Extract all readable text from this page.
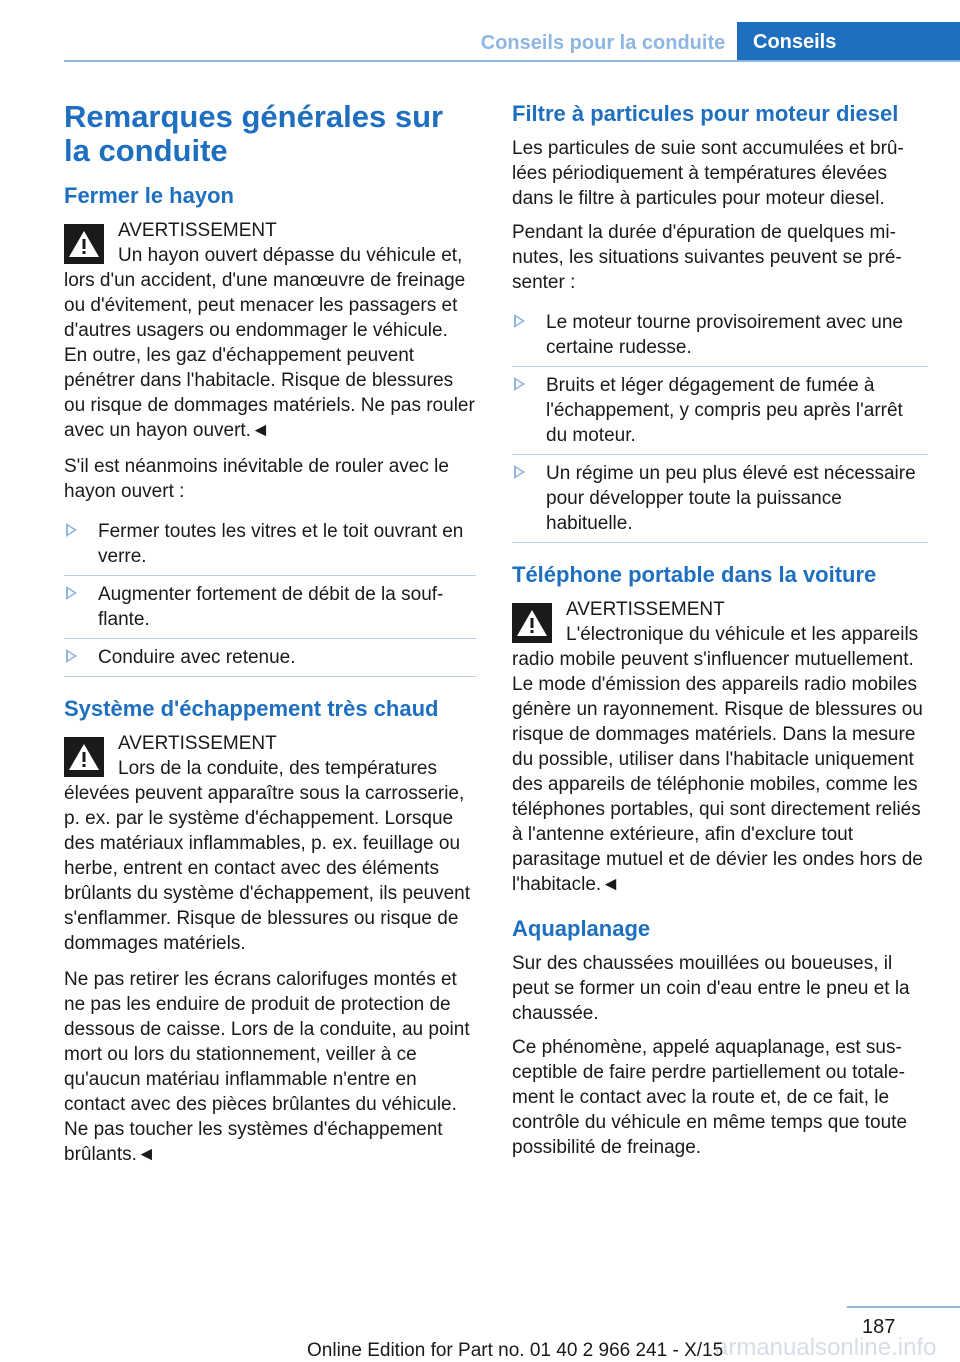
Conseils pour la conduite	Conseils
Remarques générales sur la conduite
Fermer le hayon
AVERTISSEMENT
Un hayon ouvert dépasse du véhicule et, lors d'un accident, d'une manœuvre de freinage ou d'évitement, peut menacer les passagers et d'autres usagers ou endommager le véhicule. En outre, les gaz d'échappement peuvent pénétrer dans l'habitacle. Risque de blessures ou risque de dommages matériels. Ne pas rouler avec un hayon ouvert.◄

S'il est néanmoins inévitable de rouler avec le hayon ouvert :

Fermer toutes les vitres et le toit ouvrant en verre.
Augmenter fortement de débit de la soufflante.
Conduire avec retenue.
Système d'échappement très chaud
AVERTISSEMENT
Lors de la conduite, des températures élevées peuvent apparaître sous la carrosserie, p. ex. par le système d'échappement. Lorsque des matériaux inflammables, p. ex. feuillage ou herbe, entrent en contact avec des éléments brûlants du système d'échappement, ils peuvent s'enflammer. Risque de blessures ou risque de dommages matériels.

Ne pas retirer les écrans calorifuges montés et ne pas les enduire de produit de protection de dessous de caisse. Lors de la conduite, au point mort ou lors du stationnement, veiller à ce qu'aucun matériau inflammable n'entre en contact avec des pièces brûlantes du véhicule. Ne pas toucher les systèmes d'échappement brûlants.◄

Filtre à particules pour moteur diesel

Les particules de suie sont accumulées et brûlées périodiquement à températures élevées dans le filtre à particules pour moteur diesel.

Pendant la durée d'épuration de quelques minutes, les situations suivantes peuvent se présenter :

Le moteur tourne provisoirement avec une certaine rudesse.
Bruits et léger dégagement de fumée à l'échappement, y compris peu après l'arrêt du moteur.
Un régime un peu plus élevé est nécessaire pour développer toute la puissance habituelle.
Téléphone portable dans la voiture
AVERTISSEMENT
L'électronique du véhicule et les appareils radio mobile peuvent s'influencer mutuellement. Le mode d'émission des appareils radio mobiles génère un rayonnement. Risque de blessures ou risque de dommages matériels. Dans la mesure du possible, utiliser dans l'habitacle uniquement des appareils de téléphonie mobiles, comme les téléphones portables, qui sont directement reliés à l'antenne extérieure, afin d'exclure tout parasitage mutuel et de dévier les ondes hors de l'habitacle.◄
Aquaplanage

Sur des chaussées mouillées ou boueuses, il peut se former un coin d'eau entre le pneu et la chaussée.

Ce phénomène, appelé aquaplanage, est susceptible de faire perdre partiellement ou totalement le contact avec la route et, de ce fait, le contrôle du véhicule en même temps que toute possibilité de freinage.

187
armanualsonline.info
Online Edition for Part no. 01 40 2 966 241 - X/15
